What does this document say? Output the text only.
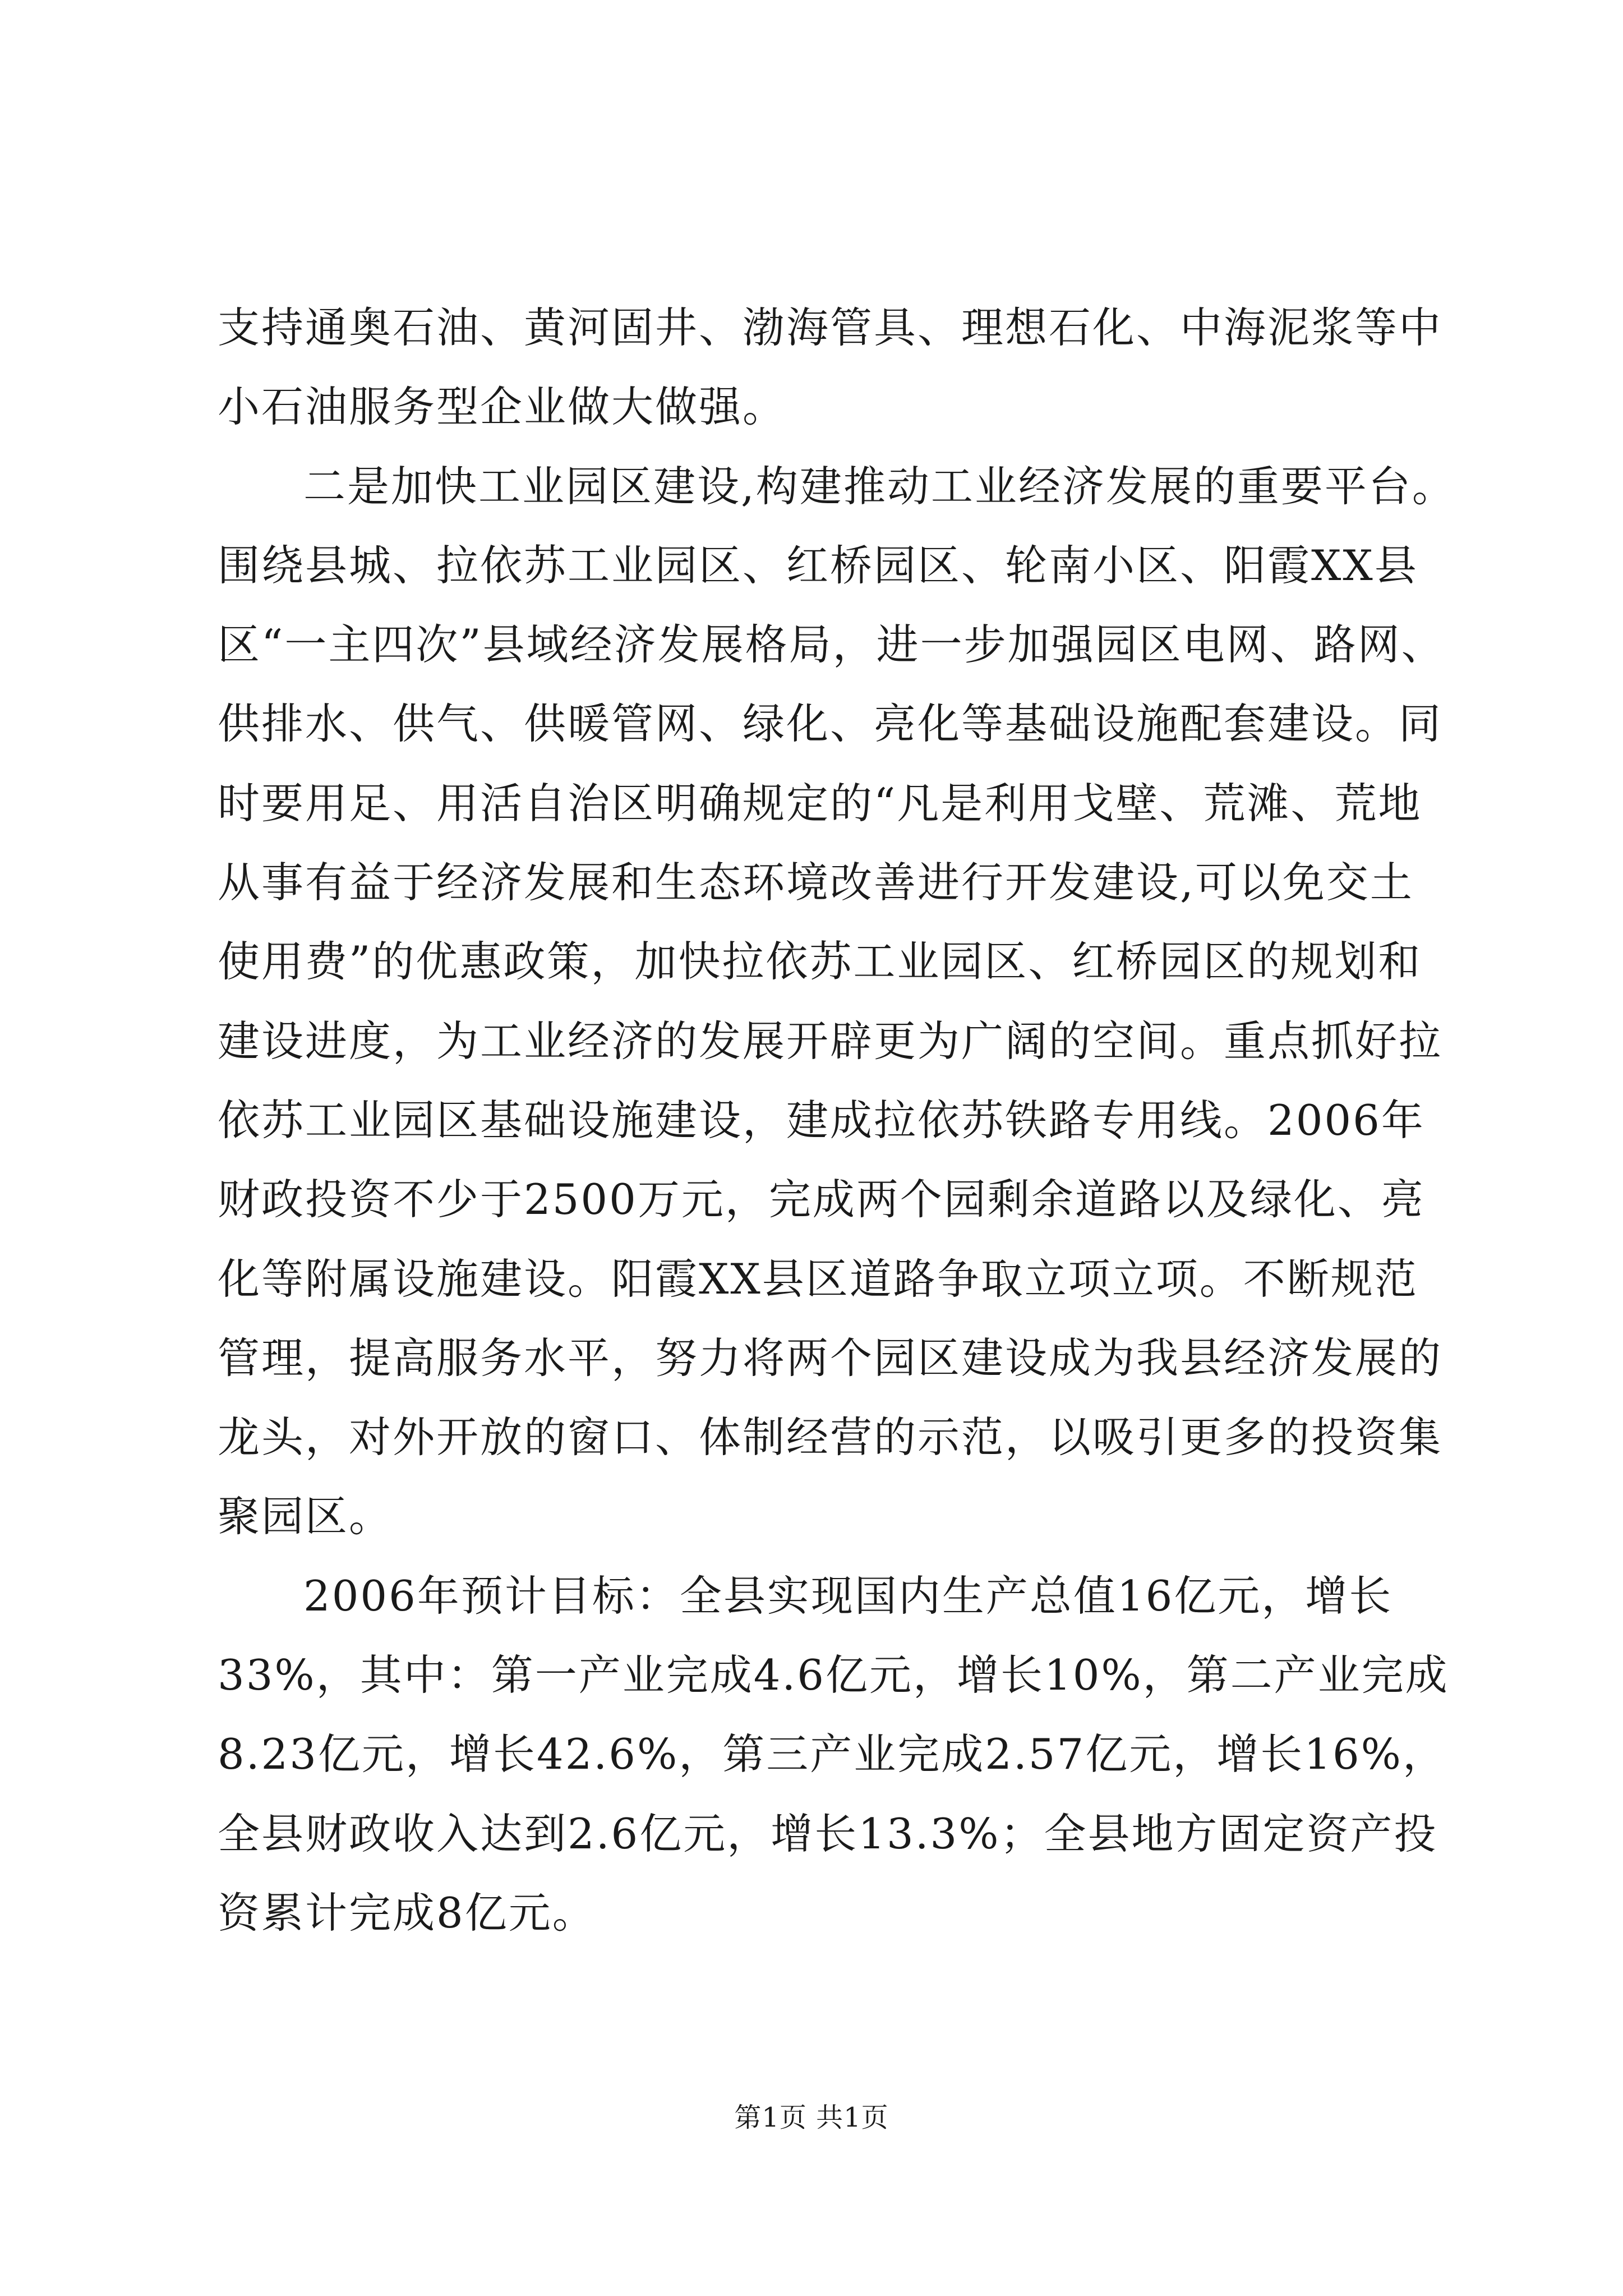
支持通奥石油、黄河固井、渤海管具、理想石化、中海泥浆等中
小石油服务型企业做大做强。
二是加快工业园区建设,构建推动工业经济发展的重要平台。
围绕县城、拉依苏工业园区、红桥园区、轮南小区、阳霞XX县
区“一主四次”县域经济发展格局，进一步加强园区电网、路网、
供排水、供气、供暖管网、绿化、亮化等基础设施配套建设。同
时要用足、用活自治区明确规定的“凡是利用戈壁、荒滩、荒地
从事有益于经济发展和生态环境改善进行开发建设,可以免交土
使用费”的优惠政策，加快拉依苏工业园区、红桥园区的规划和
建设进度，为工业经济的发展开辟更为广阔的空间。重点抓好拉
依苏工业园区基础设施建设，建成拉依苏铁路专用线。2006年
财政投资不少于2500万元，完成两个园剩余道路以及绿化、亮
化等附属设施建设。阳霞XX县区道路争取立项立项。不断规范
管理，提高服务水平，努力将两个园区建设成为我县经济发展的
龙头，对外开放的窗口、体制经营的示范，以吸引更多的投资集
聚园区。
2006年预计目标：全县实现国内生产总值16亿元，增长
33%，其中：第一产业完成4.6亿元，增长10%，第二产业完成
8.23亿元，增长42.6%，第三产业完成2.57亿元，增长16%，
全县财政收入达到2.6亿元，增长13.3%；全县地方固定资产投
资累计完成8亿元。
第1页 共1页
